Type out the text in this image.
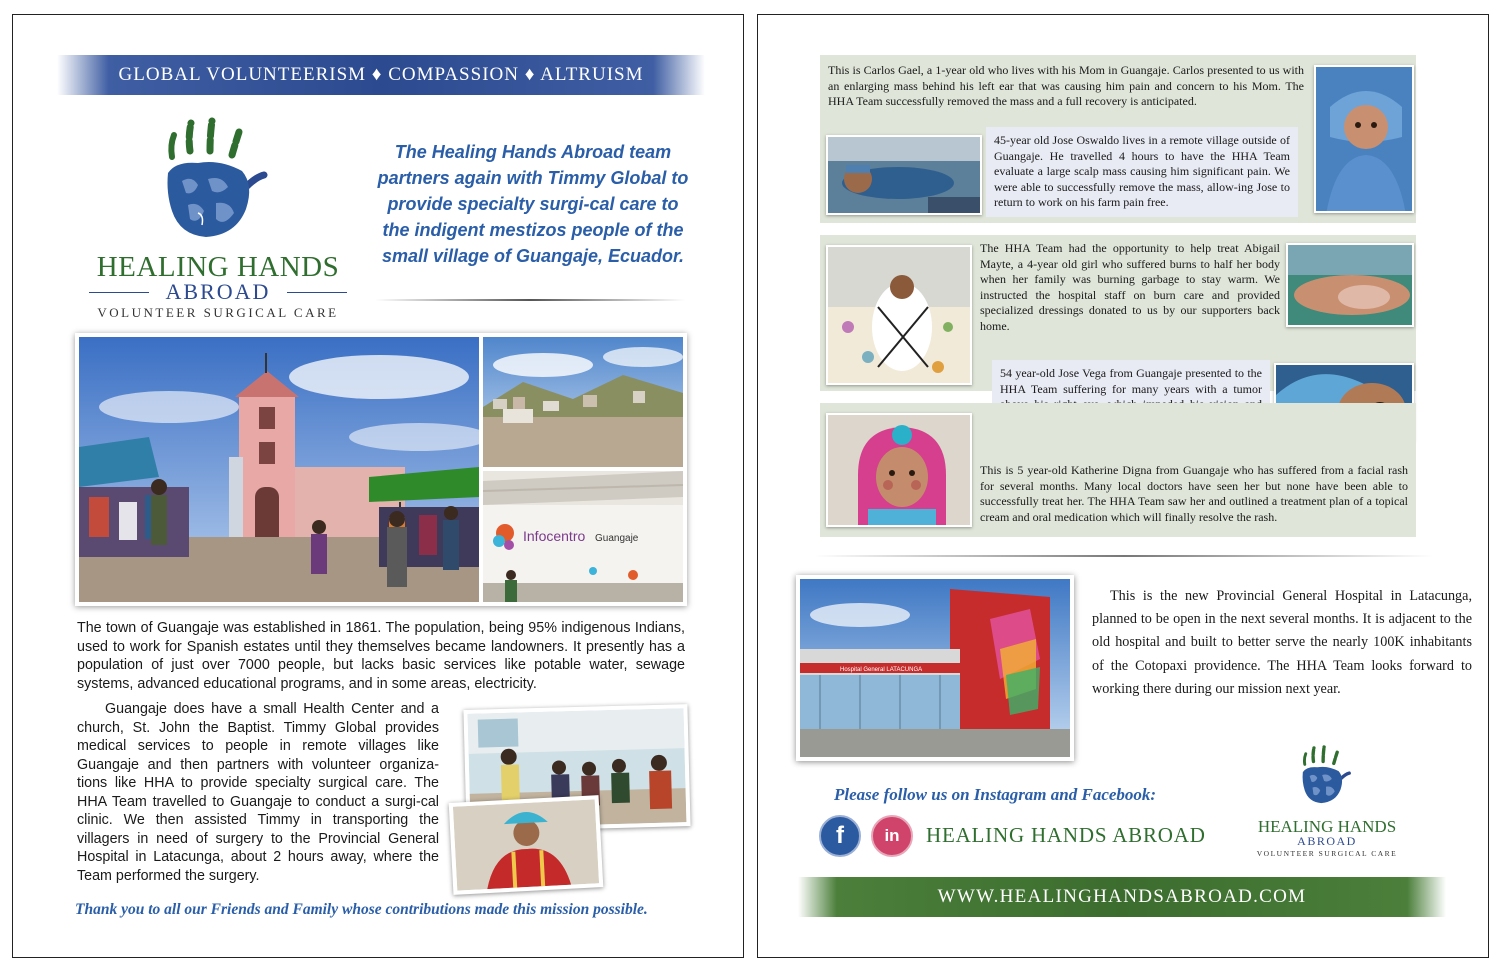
GLOBAL VOLUNTEERISM ♦ COMPASSION ♦ ALTRUISM
HEALING HANDS
ABROAD
VOLUNTEER SURGICAL CARE
The Healing Hands Abroad team partners again with Timmy Global to provide specialty surgi-cal care to the indigent mestizos people of the small village of Guangaje, Ecuador.
Infocentro Guangaje
The town of Guangaje was established in 1861. The population, being 95% indigenous Indians, used to work for Spanish estates until they themselves became landowners. It presently has a population of just over 7000 people, but lacks basic services like potable water, sewage systems, advanced educational programs, and in some areas, electricity.
Guangaje does have a small Health Center and a church, St. John the Baptist. Timmy Global provides medical services to people in remote villages like Guangaje and then partners with volunteer organiza-tions like HHA to provide specialty surgical care. The HHA Team travelled to Guangaje to conduct a surgi-cal clinic. We then assisted Timmy in transporting the villagers in need of surgery to the Provincial General Hospital in Latacunga, about 2 hours away, where the Team performed the surgery.
Thank you to all our Friends and Family whose contributions made this mission possible.
This is Carlos Gael, a 1-year old who lives with his Mom in Guangaje. Carlos presented to us with an enlarging mass behind his left ear that was causing him pain and concern to his Mom. The HHA Team successfully removed the mass and a full recovery is anticipated.
45-year old Jose Oswaldo lives in a remote village outside of Guangaje. He travelled 4 hours to have the HHA Team evaluate a large scalp mass causing him significant pain. We were able to successfully remove the mass, allow-ing Jose to return to work on his farm pain free.
The HHA Team had the opportunity to help treat Abigail Mayte, a 4-year old girl who suffered burns to half her body when her family was burning garbage to stay warm. We instructed the hospital staff on burn care and provided specialized dressings donated to us by our supporters back home.
54 year-old Jose Vega from Guangaje presented to the HHA Team suffering for many years with a tumor
This is 5 year-old Katherine Digna from Guangaje who has suffered from a facial rash for several months. Many local doctors have seen her but none have been able to successfully treat her. The HHA Team saw her and outlined a treatment plan of a topical cream and oral medication which will finally resolve the rash.
Hospital General LATACUNGA
This is the new Provincial General Hospital in Latacunga, planned to be open in the next several months. It is adjacent to the old hospital and built to better serve the nearly 100K inhabitants of the Cotopaxi providence. The HHA Team looks forward to working there during our mission next year.
Please follow us on Instagram and Facebook:
f	in	HEALING HANDS ABROAD	HEALING HANDS
ABROAD
VOLUNTEER SURGICAL CARE
WWW.HEALINGHANDSABROAD.COM
